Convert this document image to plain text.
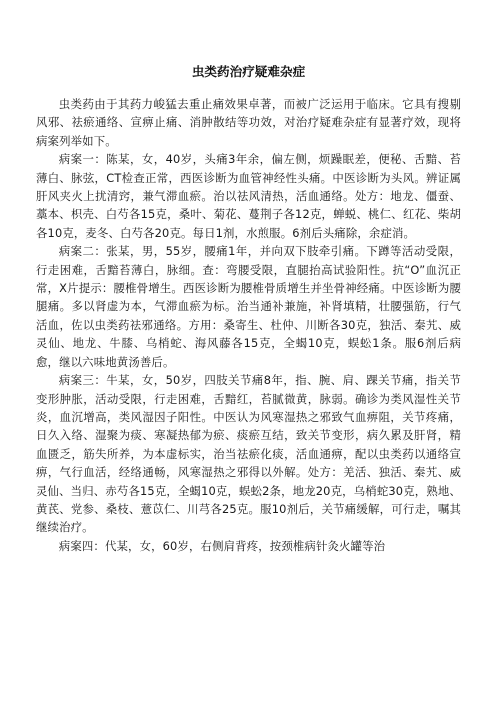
虫类药治疗疑难杂症

虫类药由于其药力峻猛去重止痛效果卓著，而被广泛运用于临床。它具有搜剔风邪、祛瘀通络、宣痹止痛、消肿散结等功效，对治疗疑难杂症有显著疗效，现将病案列举如下。

病案一：陈某，女，40岁，头痛3年余，偏左侧，烦躁眠差，便秘、舌黯、苔薄白、脉弦，CT检查正常，西医诊断为血管神经性头痛。中医诊断为头风。辨证属肝风夹火上扰清窍，兼气滞血瘀。治以祛风清热，活血通络。处方：地龙、僵蚕、藁本、枳壳、白芍各15克，桑叶、菊花、蔓荆子各12克，蝉蜕、桃仁、红花、柴胡各10克，麦冬、白芍各20克。每日1剂，水煎服。6剂后头痛除，余症消。

病案二：张某，男，55岁，腰痛1年，并向双下肢牵引痛。下蹲等活动受限，行走困难，舌黯苔薄白，脉细。查：弯腰受限，直腿抬高试验阳性。抗“O”血沉正常，X片提示：腰椎骨增生。西医诊断为腰椎骨质增生并坐骨神经痛。中医诊断为腰腿痛。多以肾虚为本，气滞血瘀为标。治当通补兼施，补肾填精，壮腰强筋，行气活血，佐以虫类药祛邪通络。方用：桑寄生、杜仲、川断各30克，独活、秦艽、威灵仙、地龙、牛膝、乌梢蛇、海风藤各15克，全蝎10克，蜈蚣1条。服6剂后病愈，继以六味地黄汤善后。

病案三：牛某，女，50岁，四肢关节痛8年，指、腕、肩、踝关节痛，指关节变形肿胀，活动受限，行走困难，舌黯红，苔腻微黄，脉弱。确诊为类风湿性关节炎，血沉增高，类风湿因子阳性。中医认为风寒湿热之邪致气血痹阻，关节疼痛，日久入络、湿聚为痰、寒凝热郁为瘀、痰瘀互结，致关节变形，病久累及肝肾，精血匮乏，筋失所养，为本虚标实，治当祛瘀化痰，活血通痹，配以虫类药以通络宣痹，气行血活，经络通畅，风寒湿热之邪得以外解。处方：羌活、独活、秦艽、威灵仙、当归、赤芍各15克，全蝎10克，蜈蚣2条，地龙20克，乌梢蛇30克，熟地、黄芪、党参、桑枝、薏苡仁、川芎各25克。服10剂后，关节痛缓解，可行走，嘱其继续治疗。

病案四：代某，女，60岁，右侧肩背疼，按颈椎病针灸火罐等治
